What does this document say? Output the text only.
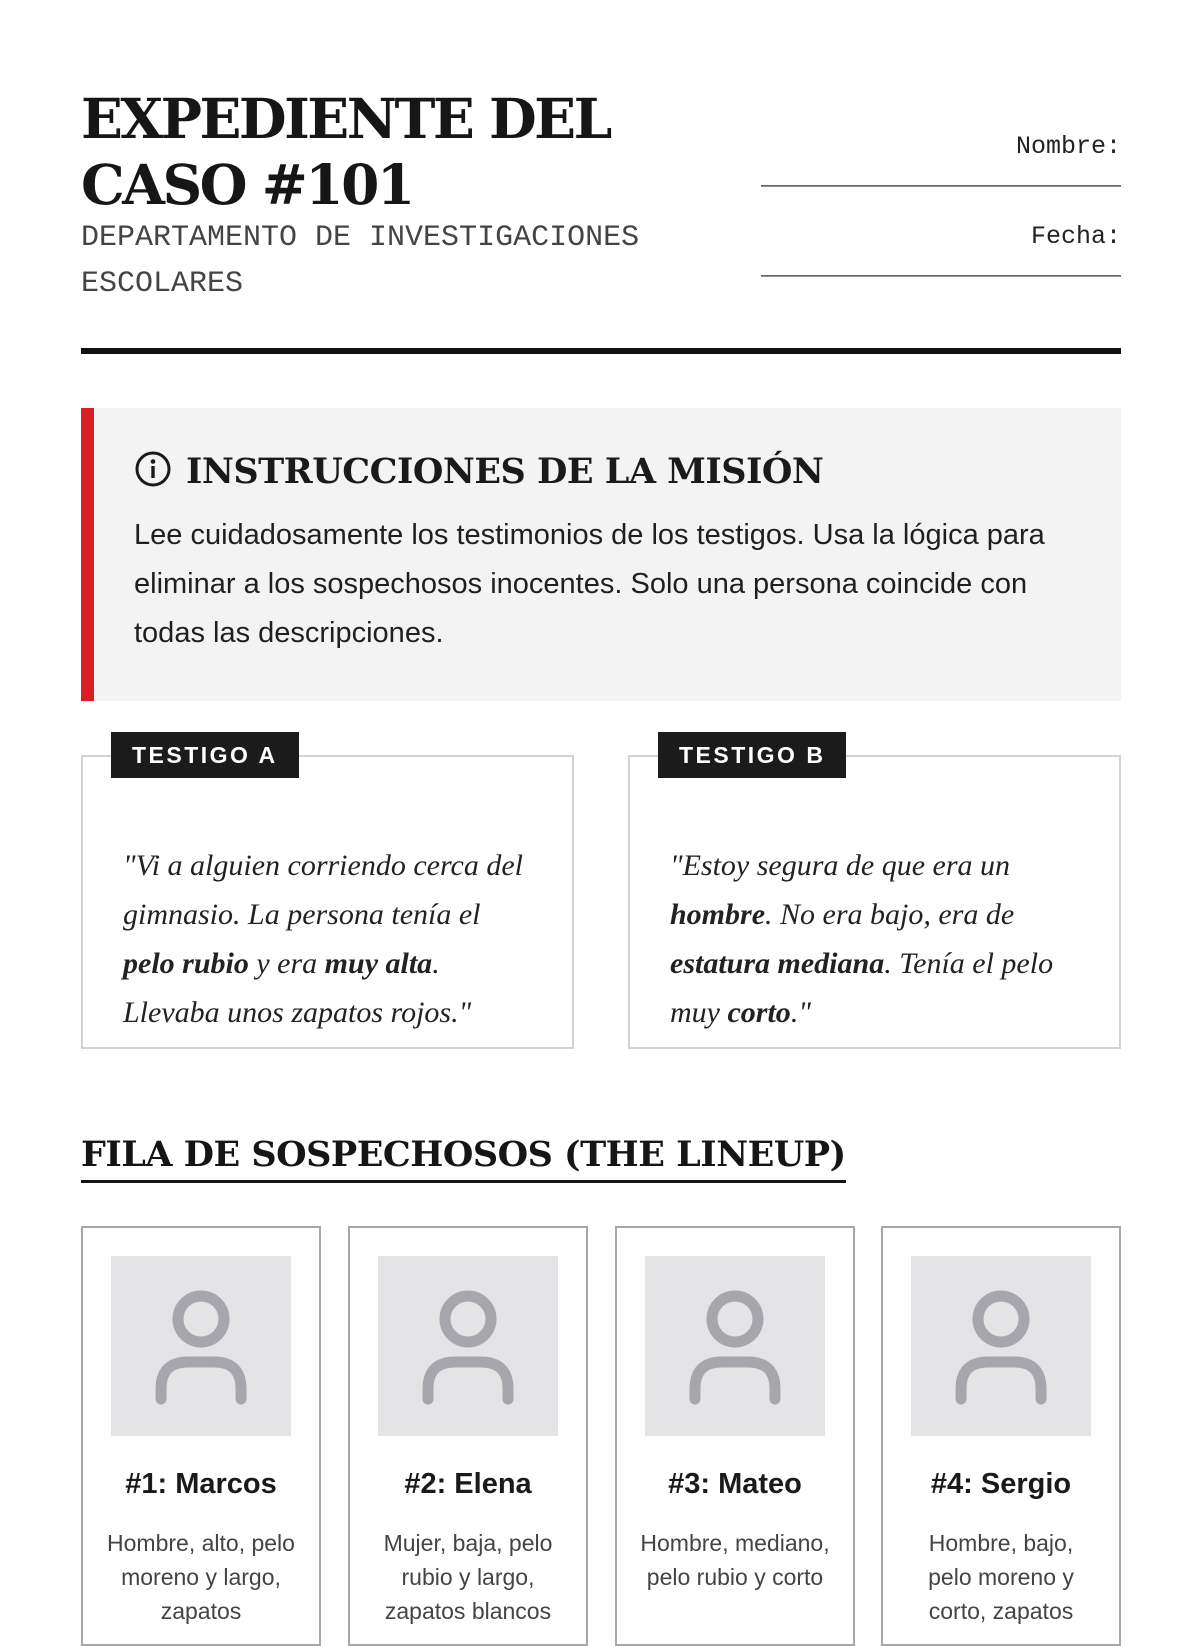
EXPEDIENTE DEL CASO #101
DEPARTAMENTO DE INVESTIGACIONES ESCOLARES
Nombre:
________________________
Fecha:
________________________
INSTRUCCIONES DE LA MISIÓN
Lee cuidadosamente los testimonios de los testigos. Usa la lógica para eliminar a los sospechosos inocentes. Solo una persona coincide con todas las descripciones.
TESTIGO A

"Vi a alguien corriendo cerca del gimnasio. La persona tenía el pelo rubio y era muy alta. Llevaba unos zapatos rojos."

TESTIGO B

"Estoy segura de que era un hombre. No era bajo, era de estatura mediana. Tenía el pelo muy corto."

FILA DE SOSPECHOSOS (THE LINEUP)
#1: Marcos
Hombre, alto, pelo moreno y largo, zapatos
#2: Elena
Mujer, baja, pelo rubio y largo, zapatos blancos
#3: Mateo
Hombre, mediano, pelo rubio y corto
#4: Sergio
Hombre, bajo, pelo moreno y corto, zapatos
